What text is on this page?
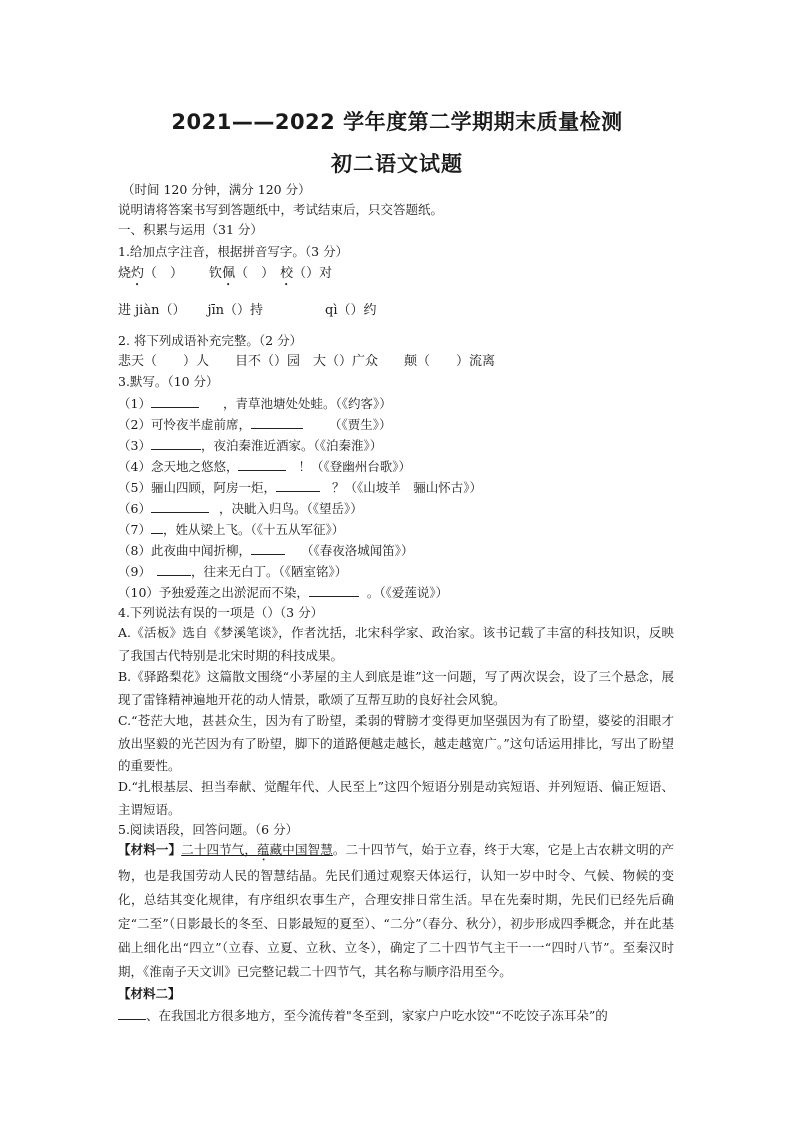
2021——2022 学年度第二学期期末质量检测
初二语文试题
（时间 120 分钟，满分 120 分）
说明请将答案书写到答题纸中，考试结束后，只交答题纸。
一、积累与运用（31 分）
1.给加点字注音，根据拼音写字。（3 分）
烧灼（　） 钦佩（　） 校（）对
进 jiàn（） jīn（）持	qì（）约
2. 将下列成语补充完整。（2 分）
悲天（　　）人　　目不（）园　大（）广众　　颠（　　）流离
3.默写。（10 分）
（1）	，青草池塘处处蛙。（《约客》）
（2）可怜夜半虚前席，	（《贾生》）
（3）	，夜泊秦淮近酒家。（《泊秦淮》）
（4）念天地之悠悠，	！（《登幽州台歌》）
（5）骊山四顾，阿房一炬，	？（《山坡羊　骊山怀古》）
（6）	，决眦入归鸟。（《望岳》）
（7） ，姓从梁上飞。（《十五从军征》）
（8）此夜曲中闻折柳，	（《春夜洛城闻笛》）
（9）	，往来无白丁。（《陋室铭》）
（10）予独爱莲之出淤泥而不染，	。（《爱莲说》）
4.下列说法有误的一项是（）（3 分）
A.《活板》选自《梦溪笔谈》，作者沈括，北宋科学家、政治家。该书记载了丰富的科技知识，反映了我国古代特别是北宋时期的科技成果。
B.《驿路梨花》这篇散文围绕“小茅屋的主人到底是谁”这一问题，写了两次误会，设了三个悬念，展现了雷锋精神遍地开花的动人情景，歌颂了互帮互助的良好社会风貌。
C.“苍茫大地，甚甚众生，因为有了盼望，柔弱的臂膀才变得更加坚强因为有了盼望，婆娑的泪眼才放出坚毅的光芒因为有了盼望，脚下的道路便越走越长，越走越宽广。”这句话运用排比，写出了盼望的重要性。
D.“扎根基层、担当奉献、觉醒年代、人民至上”这四个短语分别是动宾短语、并列短语、偏正短语、主谓短语。
5.阅读语段，回答问题。（6 分）
【材料一】二十四节气，蕴藏中国智慧。二十四节气，始于立春，终于大寒，它是上古农耕文明的产物，也是我国劳动人民的智慧结晶。先民们通过观察天体运行，认知一岁中时令、气候、物候的变化，总结其变化规律，有序组织农事生产，合理安排日常生活。早在先秦时期，先民们已经先后确定“二至”（日影最长的冬至、日影最短的夏至）、“二分”（春分、秋分），初步形成四季概念，并在此基础上细化出“四立”（立春、立夏、立秋、立冬），确定了二十四节气主干一一“四时八节”。至秦汉时期，《淮南子天文训》已完整记载二十四节气，其名称与顺序沿用至今。
【材料二】
、在我国北方很多地方，至今流传着"冬至到，家家户户吃水饺"“不吃饺子冻耳朵”的
